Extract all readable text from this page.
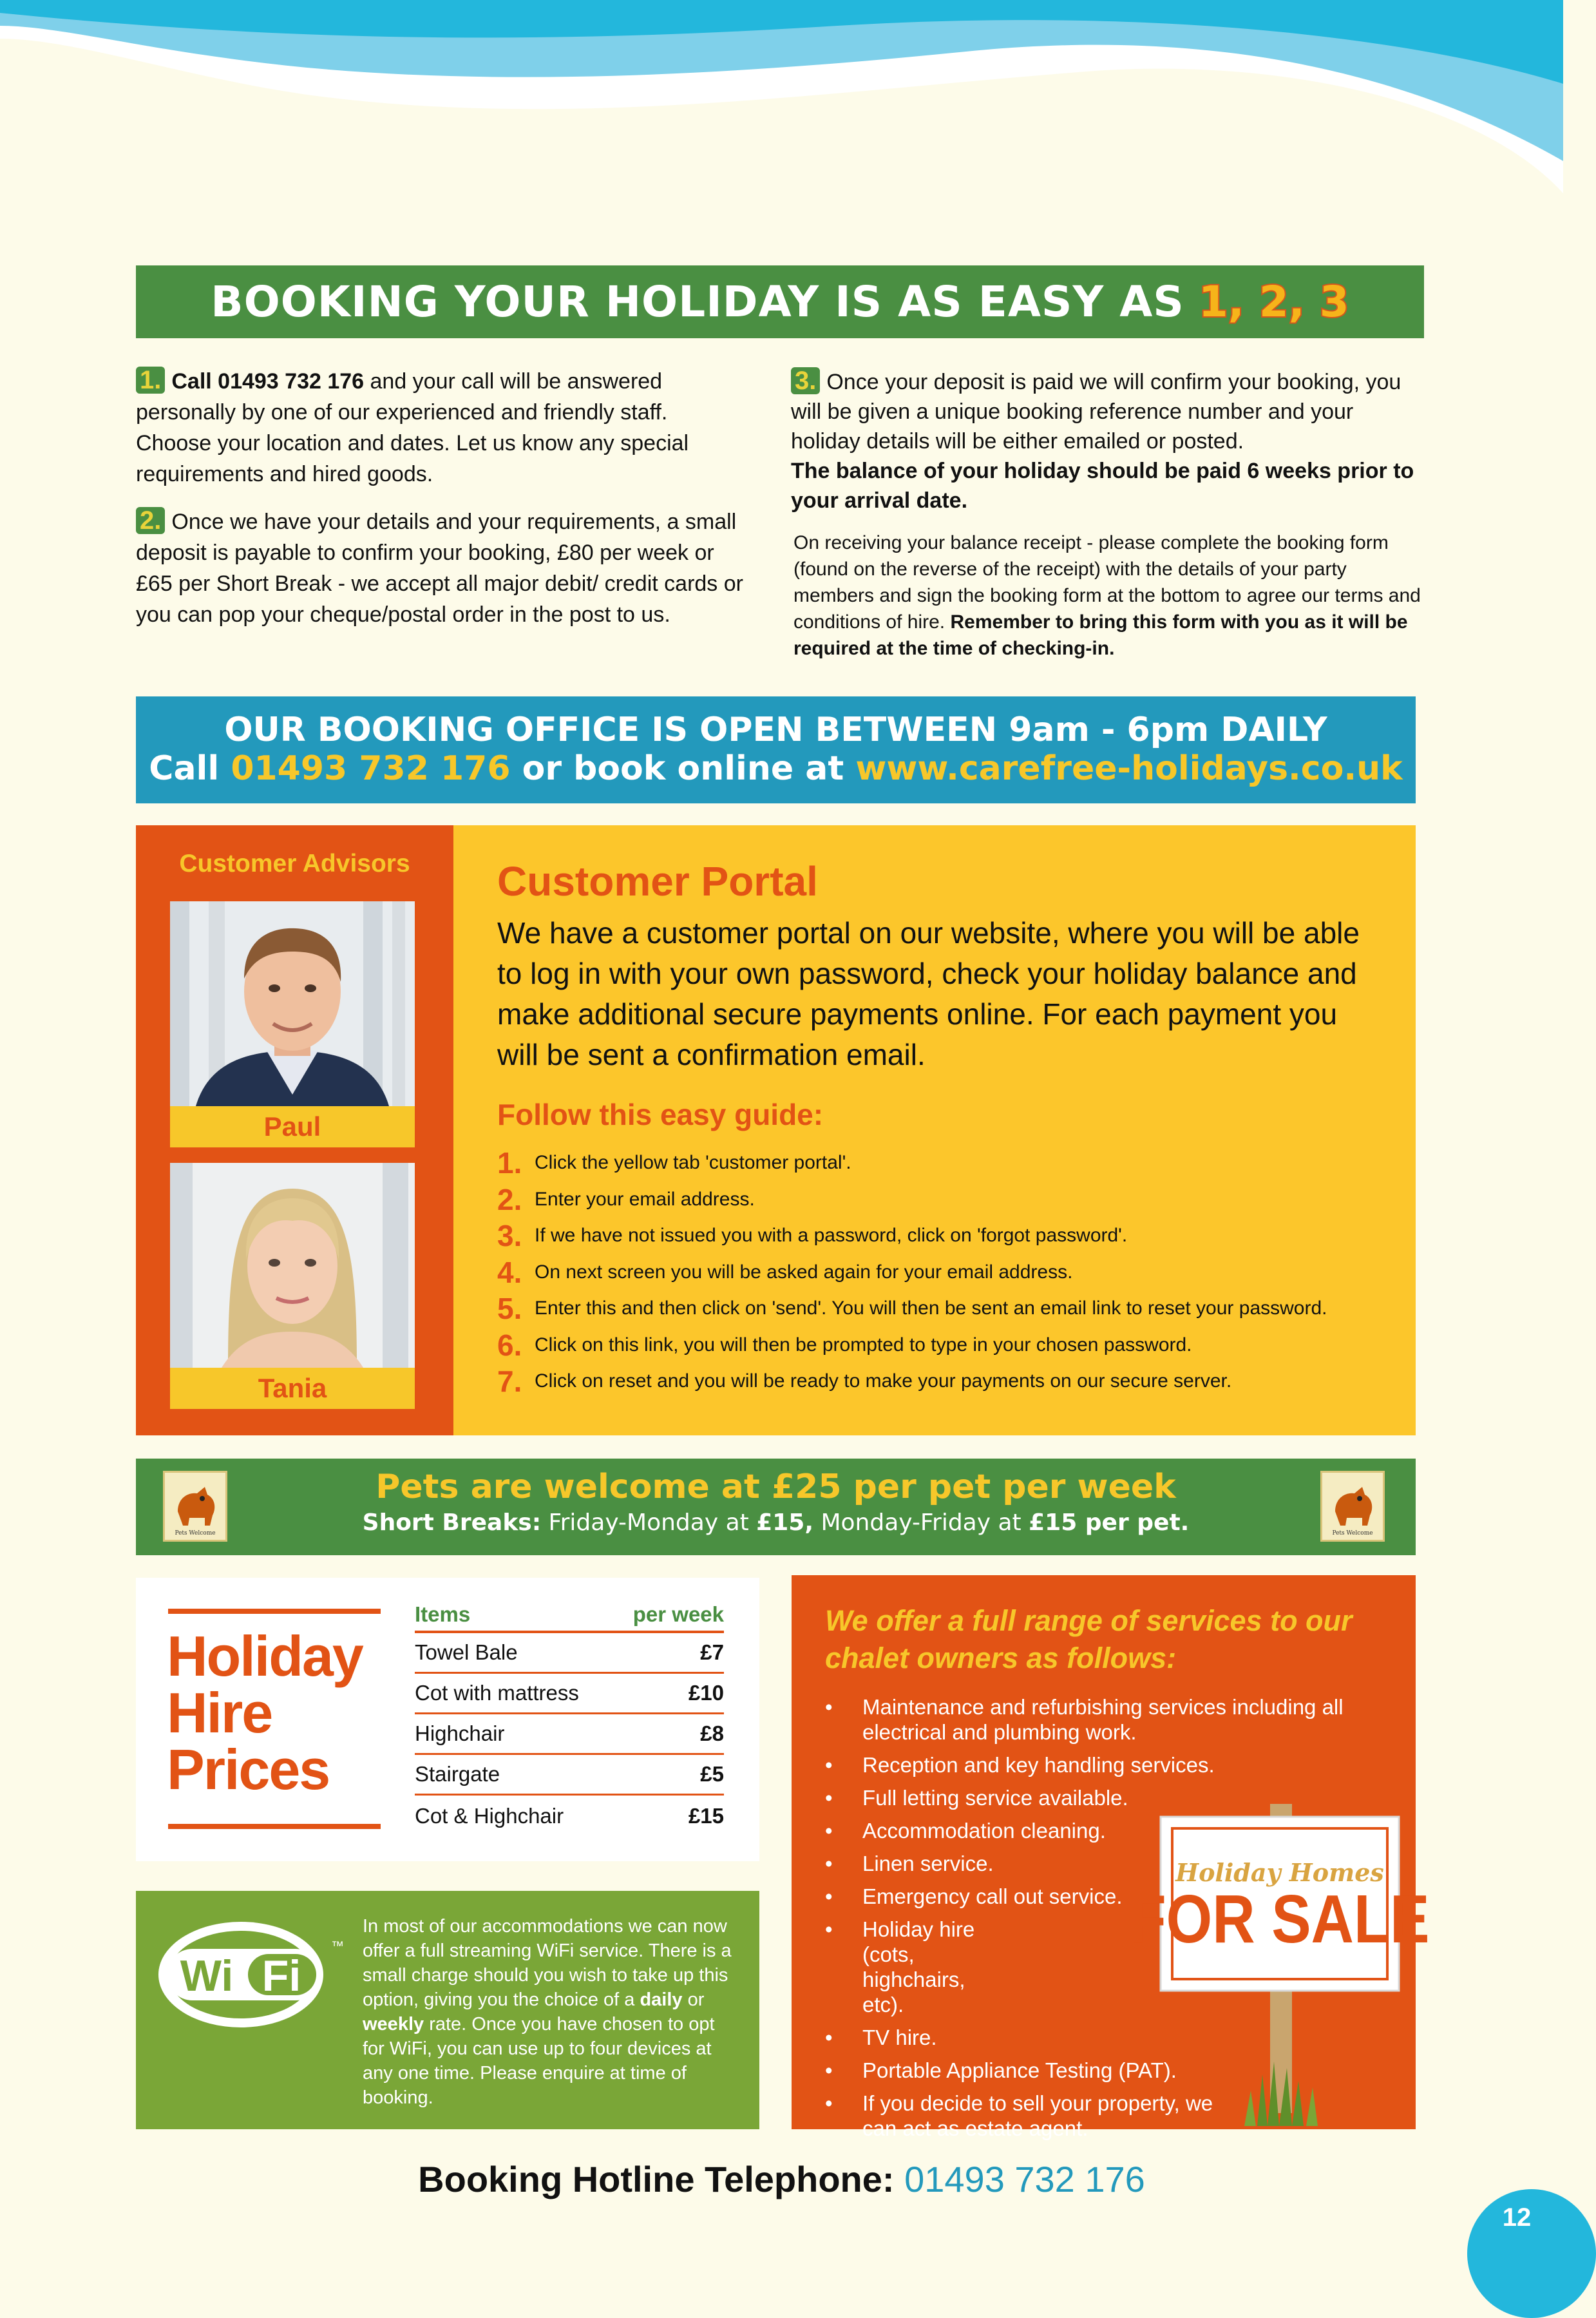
BOOKING YOUR HOLIDAY IS AS EASY AS 1, 2, 3
1. Call 01493 732 176 and your call will be answered personally by one of our experienced and friendly staff. Choose your location and dates. Let us know any special requirements and hired goods.
2. Once we have your details and your requirements, a small deposit is payable to confirm your booking, £80 per week or £65 per Short Break - we accept all major debit/ credit cards or you can pop your cheque/postal order in the post to us.
3. Once your deposit is paid we will confirm your booking, you will be given a unique booking reference number and your holiday details will be either emailed or posted.
The balance of your holiday should be paid 6 weeks prior to your arrival date.
On receiving your balance receipt - please complete the booking form (found on the reverse of the receipt) with the details of your party members and sign the booking form at the bottom to agree our terms and conditions of hire. Remember to bring this form with you as it will be required at the time of checking-in.
OUR BOOKING OFFICE IS OPEN BETWEEN 9am - 6pm DAILY
Call 01493 732 176 or book online at www.carefree-holidays.co.uk
Customer Advisors
Paul
Tania
Customer Portal
We have a customer portal on our website, where you will be able to log in with your own password, check your holiday balance and make additional secure payments online. For each payment you will be sent a confirmation email.
Follow this easy guide:
1. Click the yellow tab 'customer portal'.
2. Enter your email address.
3. If we have not issued you with a password, click on 'forgot password'.
4. On next screen you will be asked again for your email address.
5. Enter this and then click on 'send'. You will then be sent an email link to reset your password.
6. Click on this link, you will then be prompted to type in your chosen password.
7. Click on reset and you will be ready to make your payments on our secure server.
Pets are welcome at £25 per pet per week
Short Breaks: Friday-Monday at £15, Monday-Friday at £15 per pet.
Pets Welcome	Pets Welcome
Holiday
Hire
Prices
Items	per week
Towel Bale	£7
Cot with mattress	£10
Highchair	£8
Stairgate	£5
Cot & Highchair	£15
Wi Fi
™
In most of our accommodations we can now offer a full streaming WiFi service. There is a small charge should you wish to take up this option, giving you the choice of a daily or weekly rate. Once you have chosen to opt for WiFi, you can use up to four devices at any one time. Please enquire at time of booking.
We offer a full range of services to our chalet owners as follows:
• Maintenance and refurbishing services including all electrical and plumbing work.
• Reception and key handling services.
• Full letting service available.
• Accommodation cleaning.
• Linen service.
• Emergency call out service.
• Holiday hire (cots, highchairs, etc).
• TV hire.
• Portable Appliance Testing (PAT).
• If you decide to sell your property, we can act as estate agent.
Holiday Homes
FOR SALE
Booking Hotline Telephone: 01493 732 176
12
